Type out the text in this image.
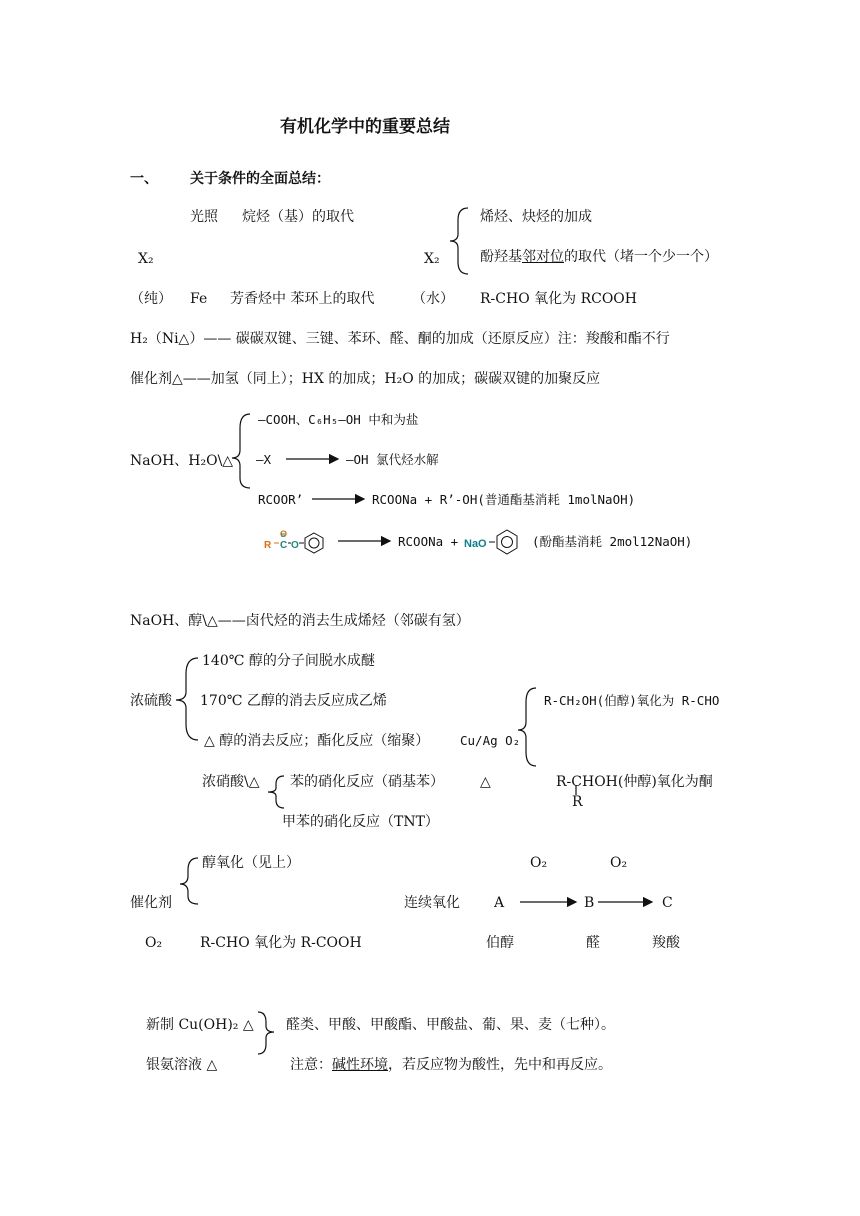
有机化学中的重要总结
一、 关于条件的全面总结：
光照 烷烃（基）的取代
X₂
（纯） Fe 芳香烃中 苯环上的取代
X₂
烯烃、炔烃的加成
酚羟基邻对位的取代（堵一个少一个）
（水） R-CHO 氧化为 RCOOH
H₂（Ni△）—— 碳碳双键、三键、苯环、醛、酮的加成（还原反应）注：羧酸和酯不行
催化剂△——加氢（同上）；HX 的加成；H₂O 的加成；碳碳双键的加聚反应
—COOH、C₆H₅—OH 中和为盐
NaOH、H₂O\△ —X	—OH 氯代烃水解
RCOOR’	RCOONa + R’-OH(普通酯基消耗 1molNaOH)
RCOONa +	(酚酯基消耗 2mol12NaOH)
R
O
C O	NaO
NaOH、醇\△——卤代烃的消去生成烯烃（邻碳有氢）
140℃ 醇的分子间脱水成醚
浓硫酸 170℃ 乙醇的消去反应成乙烯
△ 醇的消去反应；酯化反应（缩聚） Cu/Ag O₂
R-CH₂OH(伯醇)氧化为 R-CHO
浓硝酸\△ 苯的硝化反应（硝基苯）	△	R-CHOH(仲醇)氧化为酮
R
甲苯的硝化反应（TNT）
醇氧化（见上）
催化剂
O₂	R-CHO 氧化为 R-COOH
O₂	O₂
连续氧化 A	B	C
伯醇	醛	羧酸
新制 Cu(OH)₂ △
银氨溶液 △
醛类、甲酸、甲酸酯、甲酸盐、葡、果、麦（七种）。
注意：碱性环境，若反应物为酸性，先中和再反应。
